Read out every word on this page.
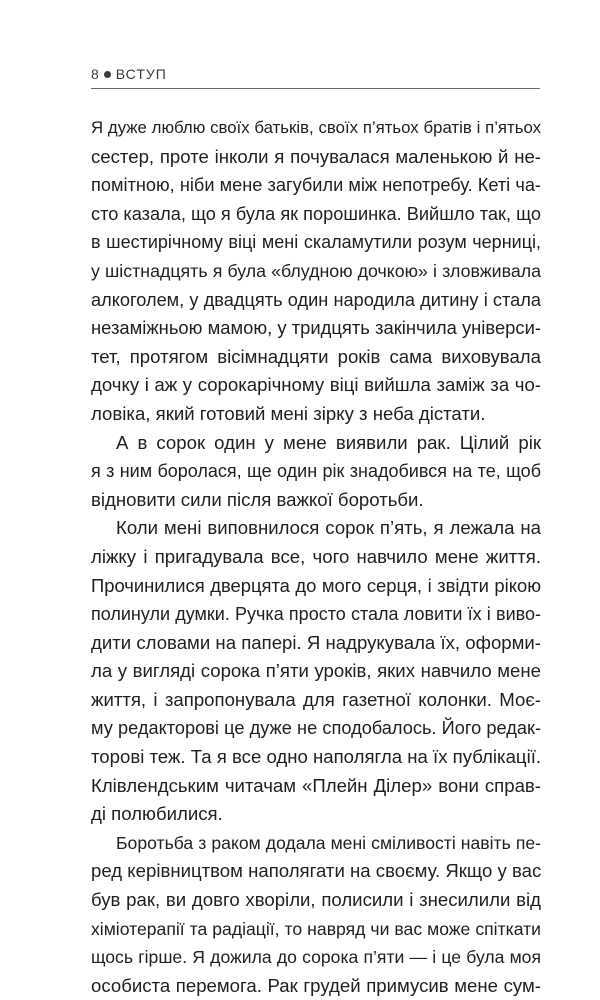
8 ВСТУП
Я дуже люблю своїх батьків, своїх п’ятьох братів і п’ятьох
сестер, проте інколи я почувалася маленькою й не-
помітною, ніби мене загубили між непотребу. Кеті ча-
сто казала, що я була як порошинка. Вийшло так, що
в шестирічному віці мені скаламутили розум черниці,
у шістнадцять я була «блудною дочкою» і зловживала
алкоголем, у двадцять один народила дитину і стала
незаміжньою мамою, у тридцять закінчила універси-
тет, протягом вісімнадцяти років сама виховувала
дочку і аж у сорокарічному віці вийшла заміж за чо-
ловіка, який готовий мені зірку з неба дістати.
А в сорок один у мене виявили рак. Цілий рік
я з ним боролася, ще один рік знадобився на те, щоб
відновити сили після важкої боротьби.
Коли мені виповнилося сорок п’ять, я лежала на
ліжку і пригадувала все, чого навчило мене життя.
Прочинилися дверцята до мого серця, і звідти рікою
полинули думки. Ручка просто стала ловити їх і виво-
дити словами на папері. Я надрукувала їх, оформи-
ла у вигляді сорока п’яти уроків, яких навчило мене
життя, і запропонувала для газетної колонки. Моє-
му редакторові це дуже не сподобалось. Його редак-
торові теж. Та я все одно наполягла на їх публікації.
Клівлендським читачам «Плейн Ділер» вони справ-
ді полюбилися.
Боротьба з раком додала мені сміливості навіть пе-
ред керівництвом наполягати на своєму. Якщо у вас
був рак, ви довго хворіли, полисили і знесилили від
хіміотерапії та радіації, то навряд чи вас може спіткати
щось гірше. Я дожила до сорока п’яти — і це була моя
особиста перемога. Рак грудей примусив мене сум-
